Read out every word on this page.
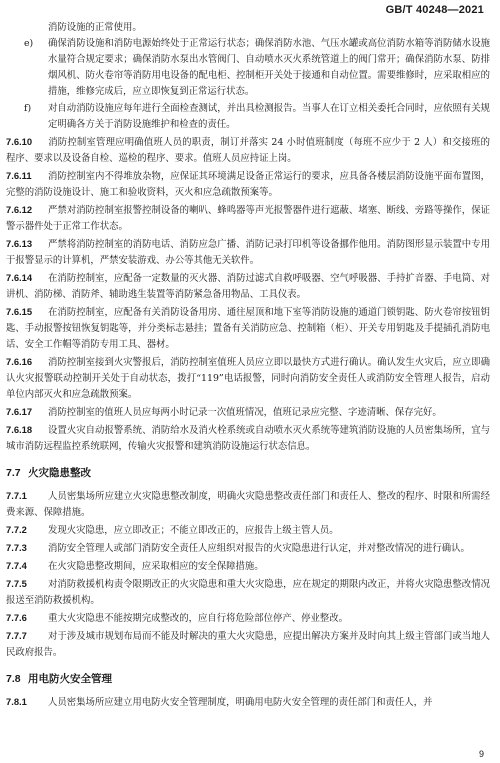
GB/T 40248—2021
消防设施的正常使用。
e)	确保消防设施和消防电源始终处于正常运行状态；确保消防水池、气压水罐或高位消防水箱等消防储水设施水量符合规定要求；确保消防水泵出水管阀门、自动喷水灭火系统管道上的阀门常开；确保消防水泵、防排烟风机、防火卷帘等消防用电设备的配电柜、控制柜开关处于接通和自动位置。需要维修时，应采取相应的措施，维修完成后，应立即恢复到正常运行状态。
f)	对自动消防设施应每年进行全面检查测试，并出具检测报告。当事人在订立相关委托合同时，应依照有关规定明确各方关于消防设施维护和检查的责任。
7.6.10 消防控制室管理应明确值班人员的职责，制订并落实 24 小时值班制度（每班不应少于 2 人）和交接班的程序、要求以及设备自检、巡检的程序、要求。值班人员应持证上岗。
7.6.11 消防控制室内不得堆放杂物，应保证其环境满足设备正常运行的要求，应具备各楼层消防设施平面布置图，完整的消防设施设计、施工和验收资料，灭火和应急疏散预案等。
7.6.12 严禁对消防控制室报警控制设备的喇叭、蜂鸣器等声光报警器件进行遮蔽、堵塞、断线、旁路等操作，保证警示器件处于正常工作状态。
7.6.13 严禁将消防控制室的消防电话、消防应急广播、消防记录打印机等设备挪作他用。消防图形显示装置中专用于报警显示的计算机，严禁安装游戏、办公等其他无关软件。
7.6.14 在消防控制室，应配备一定数量的灭火器、消防过滤式自救呼吸器、空气呼吸器、手持扩音器、手电筒、对讲机、消防梯、消防斧、辅助逃生装置等消防紧急备用物品、工具仪表。
7.6.15 在消防控制室，应配备有关消防设备用房、通往屋顶和地下室等消防设施的通道门锁钥匙、防火卷帘按钮钥匙、手动报警按钮恢复钥匙等，并分类标志悬挂；置备有关消防应急、控制箱（柜）、开关专用钥匙及手提插孔消防电话、安全工作帽等消防专用工具、器材。
7.6.16 消防控制室接到火灾警报后，消防控制室值班人员应立即以最快方式进行确认。确认发生火灾后，应立即确认火灾报警联动控制开关处于自动状态，拨打“119”电话报警，同时向消防安全责任人或消防安全管理人报告，启动单位内部灭火和应急疏散预案。
7.6.17 消防控制室的值班人员应每两小时记录一次值班情况，值班记录应完整、字迹清晰、保存完好。
7.6.18 设置火灾自动报警系统、消防给水及消火栓系统或自动喷水灭火系统等建筑消防设施的人员密集场所，宜与城市消防远程监控系统联网，传输火灾报警和建筑消防设施运行状态信息。
7.7 火灾隐患整改
7.7.1 人员密集场所应建立火灾隐患整改制度，明确火灾隐患整改责任部门和责任人、整改的程序、时限和所需经费来源、保障措施。
7.7.2 发现火灾隐患，应立即改正；不能立即改正的，应报告上级主管人员。
7.7.3 消防安全管理人或部门消防安全责任人应组织对报告的火灾隐患进行认定，并对整改情况的进行确认。
7.7.4 在火灾隐患整改期间，应采取相应的安全保障措施。
7.7.5 对消防救援机构责令限期改正的火灾隐患和重大火灾隐患，应在规定的期限内改正，并将火灾隐患整改情况报送至消防救援机构。
7.7.6 重大火灾隐患不能按期完成整改的，应自行将危险部位停产、停业整改。
7.7.7 对于涉及城市规划布局而不能及时解决的重大火灾隐患，应提出解决方案并及时向其上级主管部门或当地人民政府报告。
7.8 用电防火安全管理
7.8.1 人员密集场所应建立用电防火安全管理制度，明确用电防火安全管理的责任部门和责任人，并
9
